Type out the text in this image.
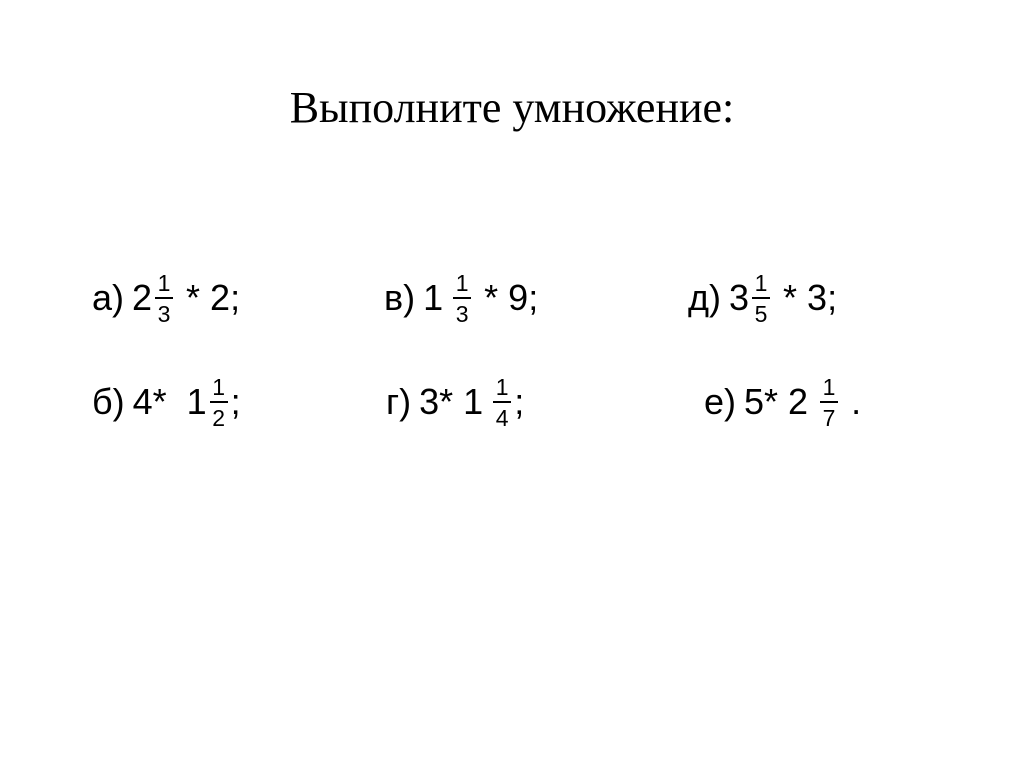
Выполните умножение:
а) $2 \frac{1}{3} * 2$;	в) $1 \frac{1}{3} * 9$;	д) $3 \frac{1}{5} * 3$;
б) 4*  $1 \frac{1}{2}$ ;	г) 3* $1 \frac{1}{4}$ ;	е) 5* $2 \frac{1}{7}$ .
